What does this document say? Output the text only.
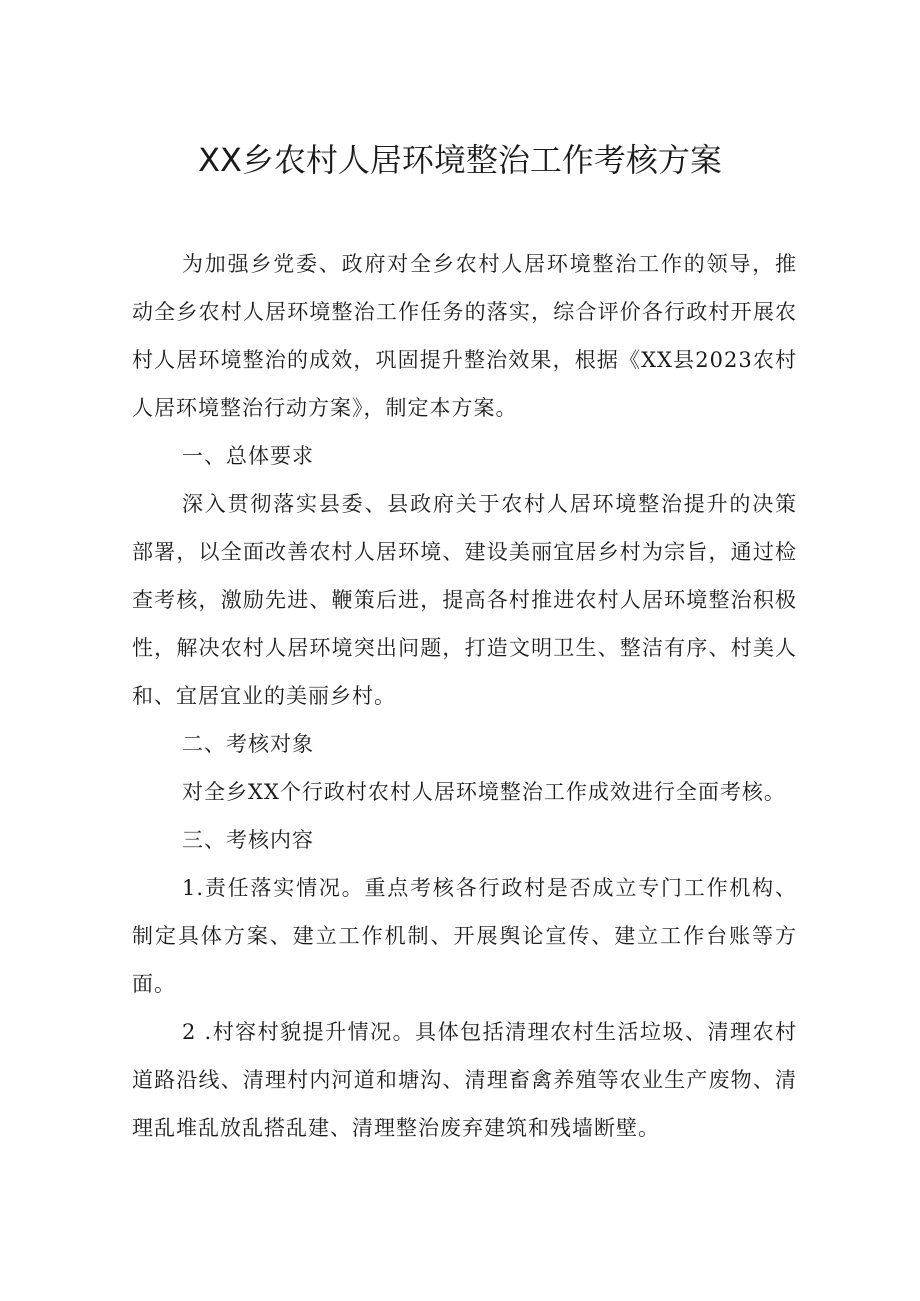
XX乡农村人居环境整治工作考核方案

为加强乡党委、政府对全乡农村人居环境整治工作的领导，推动全乡农村人居环境整治工作任务的落实，综合评价各行政村开展农村人居环境整治的成效，巩固提升整治效果，根据《XX县2023农村人居环境整治行动方案》，制定本方案。

一、总体要求

深入贯彻落实县委、县政府关于农村人居环境整治提升的决策部署，以全面改善农村人居环境、建设美丽宜居乡村为宗旨，通过检查考核，激励先进、鞭策后进，提高各村推进农村人居环境整治积极性，解决农村人居环境突出问题，打造文明卫生、整洁有序、村美人和、宜居宜业的美丽乡村。

二、考核对象

对全乡XX个行政村农村人居环境整治工作成效进行全面考核。

三、考核内容

1.责任落实情况。重点考核各行政村是否成立专门工作机构、制定具体方案、建立工作机制、开展舆论宣传、建立工作台账等方面。

2 .村容村貌提升情况。具体包括清理农村生活垃圾、清理农村道路沿线、清理村内河道和塘沟、清理畜禽养殖等农业生产废物、清理乱堆乱放乱搭乱建、清理整治废弃建筑和残墙断壁。
